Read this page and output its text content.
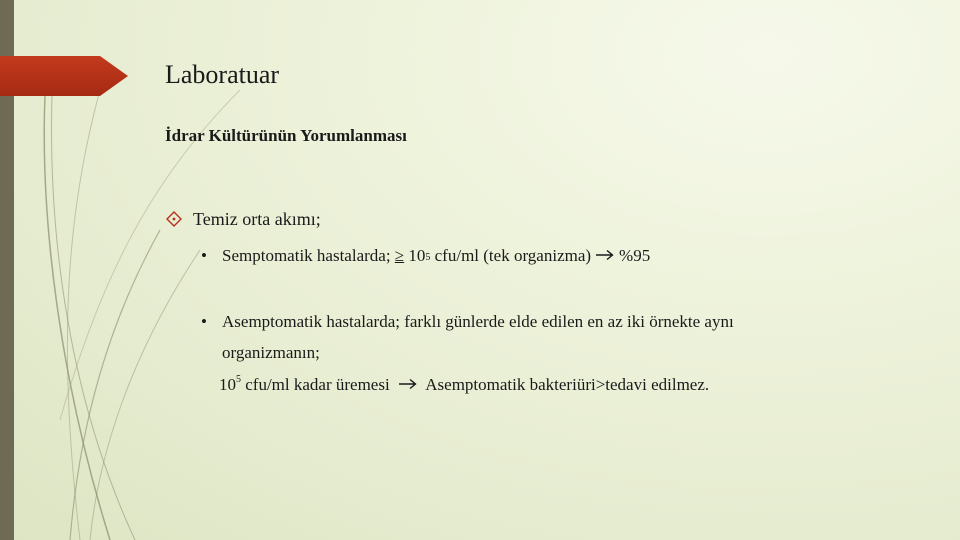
Laboratuar
İdrar Kültürünün Yorumlanması
Temiz orta akımı;
• Semptomatik hastalarda;
≥
$10^5$
cfu/ml (tek organizma) %95
• Asemptomatik hastalarda; farklı günlerde elde edilen en az iki örnekte aynı
organizmanın;
$10^5$ cfu/ml kadar üremesi Asemptomatik bakteriüri>tedavi edilmez.
